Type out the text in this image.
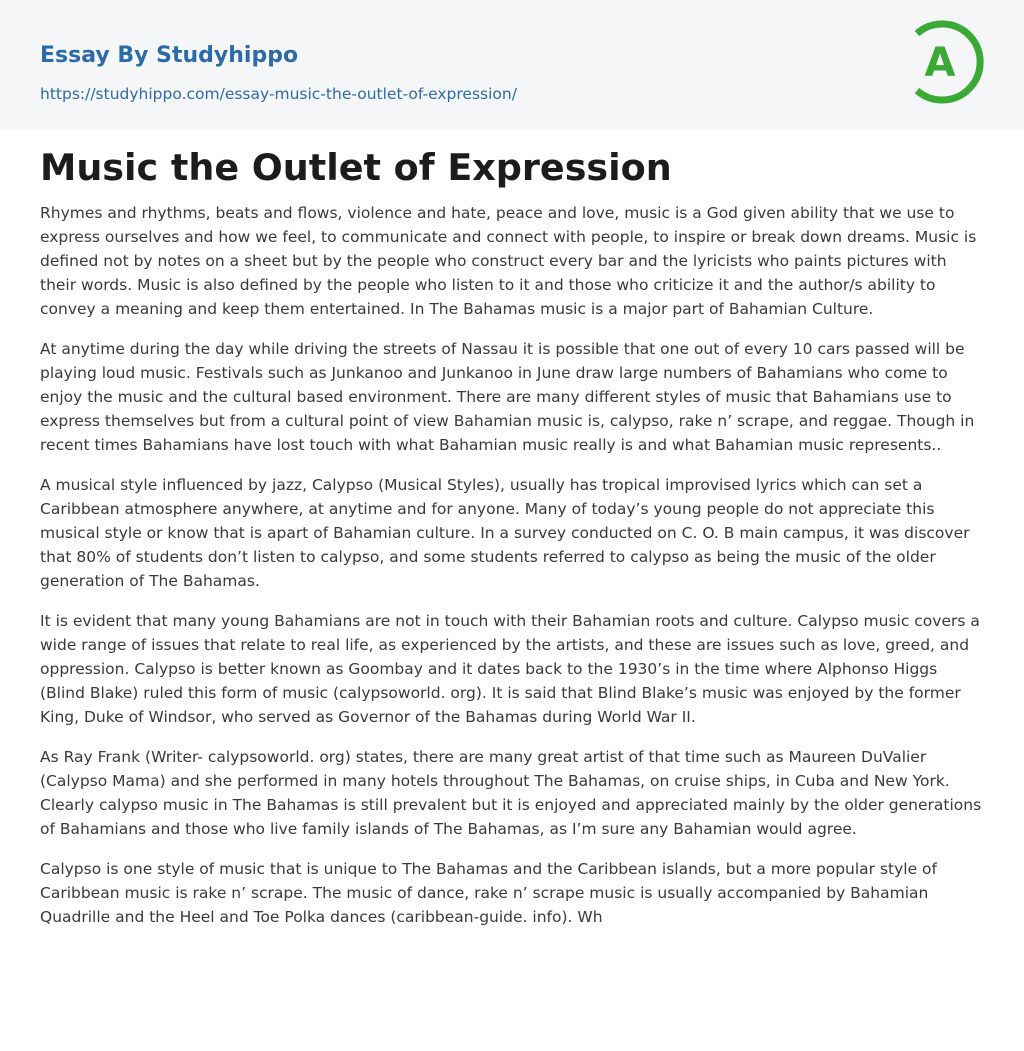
Essay By Studyhippo
https://studyhippo.com/essay-music-the-outlet-of-expression/
A
Music the Outlet of Expression

Rhymes and rhythms, beats and flows, violence and hate, peace and love, music is a God given ability that we use to express ourselves and how we feel, to communicate and connect with people, to inspire or break down dreams. Music is defined not by notes on a sheet but by the people who construct every bar and the lyricists who paints pictures with their words. Music is also defined by the people who listen to it and those who criticize it and the author/s ability to convey a meaning and keep them entertained. In The Bahamas music is a major part of Bahamian Culture.

At anytime during the day while driving the streets of Nassau it is possible that one out of every 10 cars passed will be playing loud music. Festivals such as Junkanoo and Junkanoo in June draw large numbers of Bahamians who come to enjoy the music and the cultural based environment. There are many different styles of music that Bahamians use to express themselves but from a cultural point of view Bahamian music is, calypso, rake n’ scrape, and reggae. Though in recent times Bahamians have lost touch with what Bahamian music really is and what Bahamian music represents..

A musical style influenced by jazz, Calypso (Musical Styles), usually has tropical improvised lyrics which can set a Caribbean atmosphere anywhere, at anytime and for anyone. Many of today’s young people do not appreciate this musical style or know that is apart of Bahamian culture. In a survey conducted on C. O. B main campus, it was discover that 80% of students don’t listen to calypso, and some students referred to calypso as being the music of the older generation of The Bahamas.

It is evident that many young Bahamians are not in touch with their Bahamian roots and culture. Calypso music covers a wide range of issues that relate to real life, as experienced by the artists, and these are issues such as love, greed, and oppression. Calypso is better known as Goombay and it dates back to the 1930’s in the time where Alphonso Higgs (Blind Blake) ruled this form of music (calypsoworld. org). It is said that Blind Blake’s music was enjoyed by the former King, Duke of Windsor, who served as Governor of the Bahamas during World War II.

As Ray Frank (Writer- calypsoworld. org) states, there are many great artist of that time such as Maureen DuValier (Calypso Mama) and she performed in many hotels throughout The Bahamas, on cruise ships, in Cuba and New York. Clearly calypso music in The Bahamas is still prevalent but it is enjoyed and appreciated mainly by the older generations of Bahamians and those who live family islands of The Bahamas, as I’m sure any Bahamian would agree.

Calypso is one style of music that is unique to The Bahamas and the Caribbean islands, but a more popular style of Caribbean music is rake n’ scrape. The music of dance, rake n’ scrape music is usually accompanied by Bahamian Quadrille and the Heel and Toe Polka dances (caribbean-guide. info). Wh
